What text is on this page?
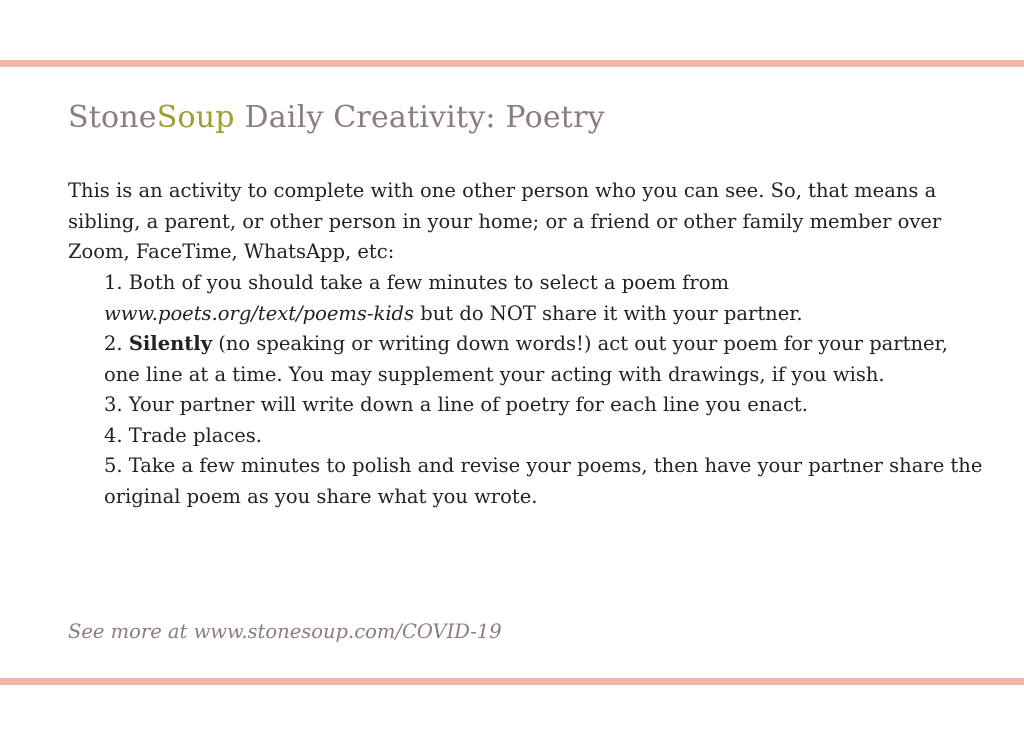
StoneSoup Daily Creativity: Poetry

This is an activity to complete with one other person who you can see. So, that means a sibling, a parent, or other person in your home; or a friend or other family member over Zoom, FaceTime, WhatsApp, etc:

1. Both of you should take a few minutes to select a poem from www.poets.org/text/poems-kids but do NOT share it with your partner.
2. Silently (no speaking or writing down words!) act out your poem for your partner, one line at a time. You may supplement your acting with drawings, if you wish.
3. Your partner will write down a line of poetry for each line you enact.
4. Trade places.
5. Take a few minutes to polish and revise your poems, then have your partner share the original poem as you share what you wrote.

See more at www.stonesoup.com/COVID-19
